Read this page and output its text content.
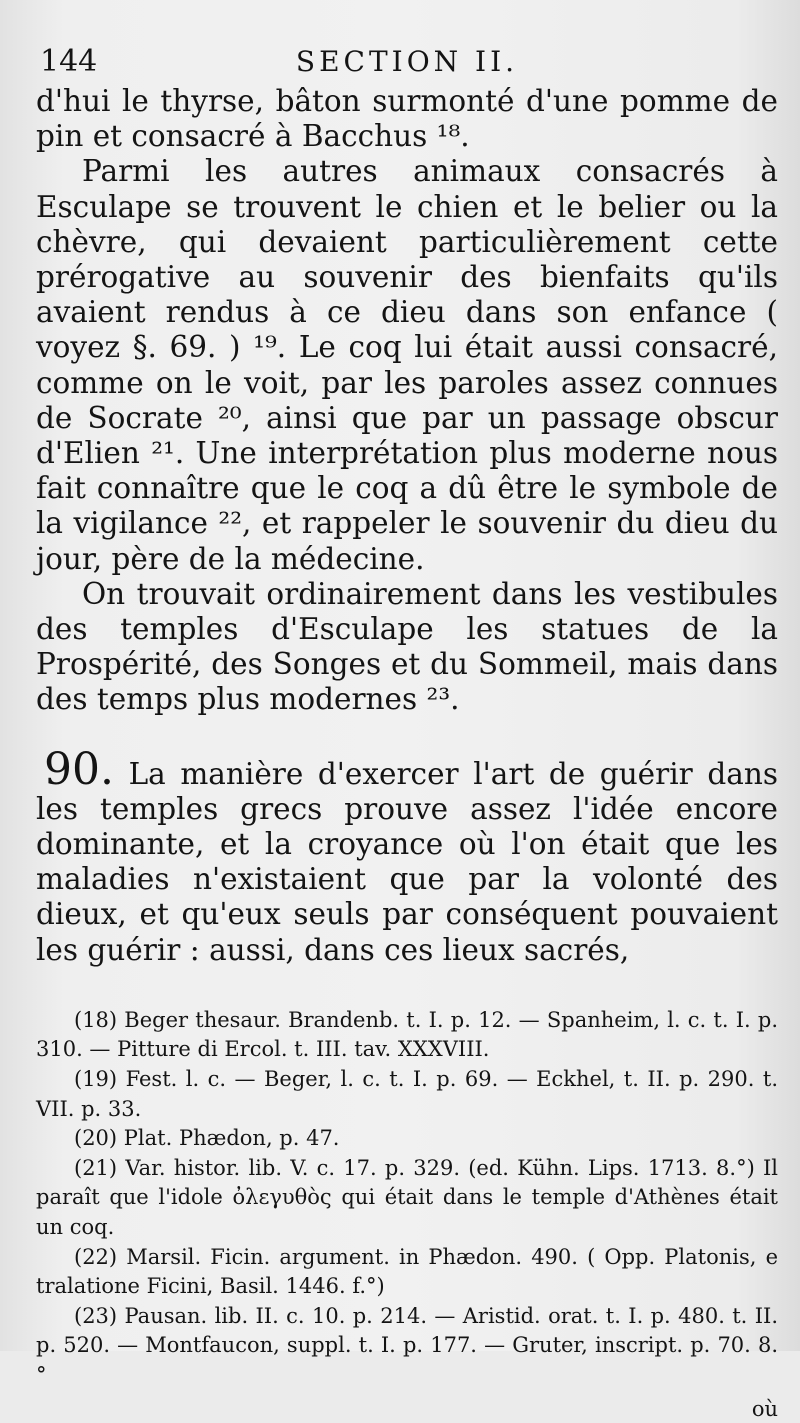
144	SECTION II.

d'hui le thyrse, bâton surmonté d'une pomme de pin et consacré à Bacchus ¹⁸.

Parmi les autres animaux consacrés à Esculape se trouvent le chien et le belier ou la chèvre, qui devaient particulièrement cette prérogative au souvenir des bienfaits qu'ils avaient rendus à ce dieu dans son enfance ( voyez §. 69. ) ¹⁹. Le coq lui était aussi consacré, comme on le voit, par les paroles assez connues de Socrate ²⁰, ainsi que par un passage obscur d'Elien ²¹. Une interprétation plus moderne nous fait connaître que le coq a dû être le symbole de la vigilance ²², et rappeler le souvenir du dieu du jour, père de la médecine.

On trouvait ordinairement dans les vestibules des temples d'Esculape les statues de la Prospérité, des Songes et du Sommeil, mais dans des temps plus modernes ²³.

90. La manière d'exercer l'art de guérir dans les temples grecs prouve assez l'idée encore dominante, et la croyance où l'on était que les maladies n'existaient que par la volonté des dieux, et qu'eux seuls par conséquent pouvaient les guérir : aussi, dans ces lieux sacrés,

(18) Beger thesaur. Brandenb. t. I. p. 12. — Spanheim, l. c. t. I. p. 310. — Pitture di Ercol. t. III. tav. XXXVIII.

(19) Fest. l. c. — Beger, l. c. t. I. p. 69. — Eckhel, t. II. p. 290. t. VII. p. 33.

(20) Plat. Phædon, p. 47.

(21) Var. histor. lib. V. c. 17. p. 329. (ed. Kühn. Lips. 1713. 8.°) Il paraît que l'idole ὀλεγυθὸς qui était dans le temple d'Athènes était un coq.

(22) Marsil. Ficin. argument. in Phædon. 490. ( Opp. Platonis, e tralatione Ficini, Basil. 1446. f.°)

(23) Pausan. lib. II. c. 10. p. 214. — Aristid. orat. t. I. p. 480. t. II. p. 520. — Montfaucon, suppl. t. I. p. 177. — Gruter, inscript. p. 70. 8.°

où
